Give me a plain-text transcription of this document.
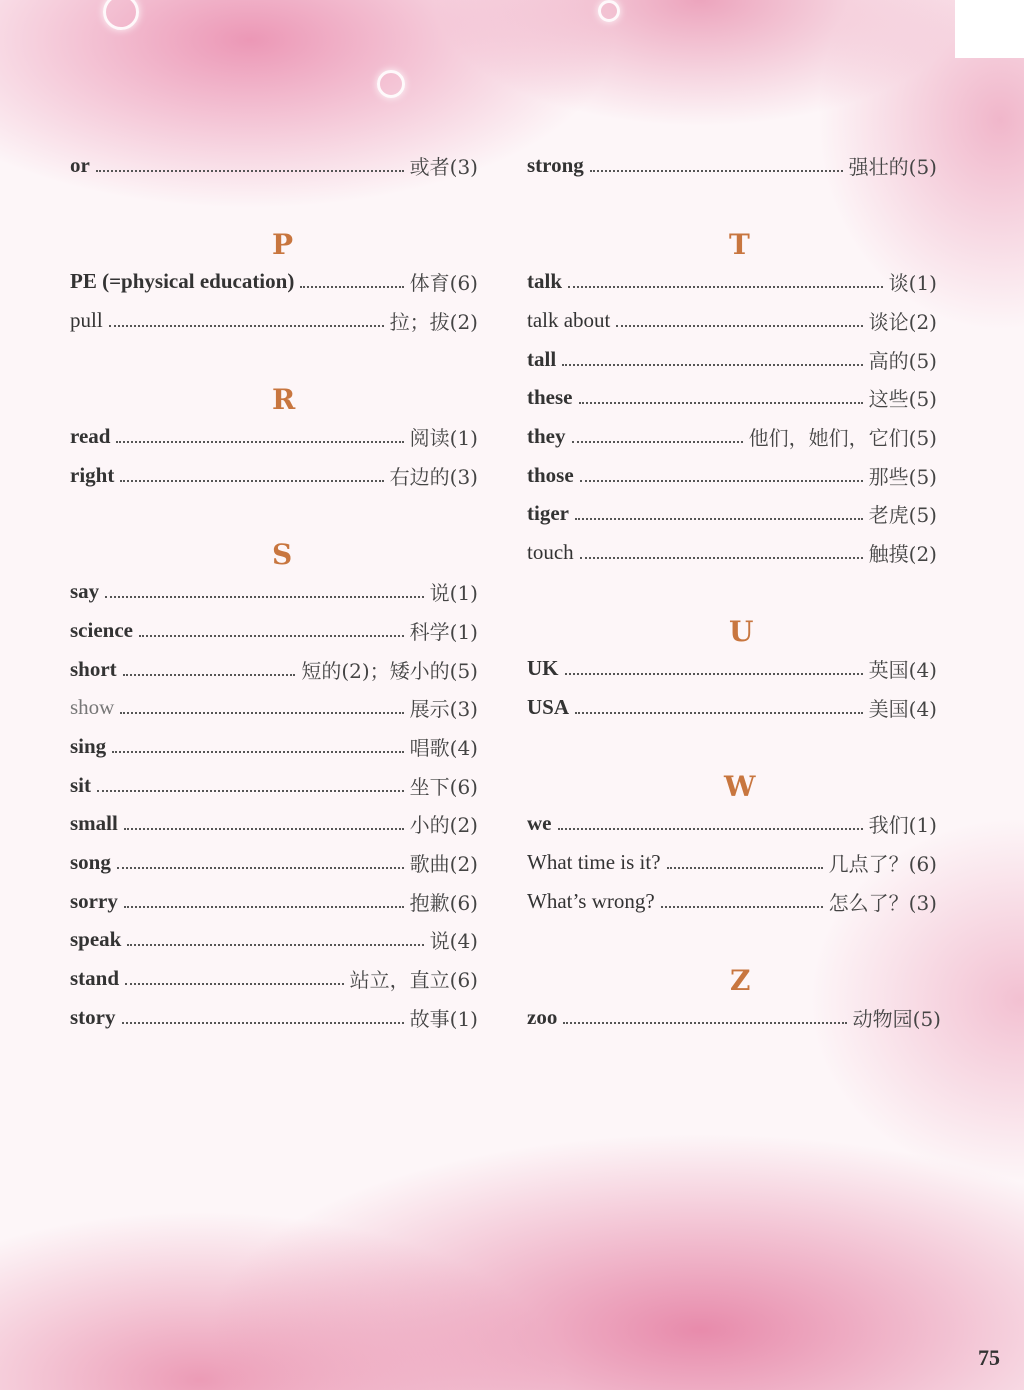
or	或者(3)
P
PE (=physical education)	体育(6)
pull	拉；拔(2)
R
read	阅读(1)
right	右边的(3)
S
say	说(1)
science	科学(1)
short	短的(2)；矮小的(5)
show	展示(3)
sing	唱歌(4)
sit	坐下(6)
small	小的(2)
song	歌曲(2)
sorry	抱歉(6)
speak	说(4)
stand	站立，直立(6)
story	故事(1)
strong	强壮的(5)
T
talk	谈(1)
talk about	谈论(2)
tall	高的(5)
these	这些(5)
they	他们，她们，它们(5)
those	那些(5)
tiger	老虎(5)
touch	触摸(2)
U
UK	英国(4)
USA	美国(4)
W
we	我们(1)
What time is it?	几点了？(6)
What’s wrong?	怎么了？(3)
Z
zoo	动物园(5)
75
